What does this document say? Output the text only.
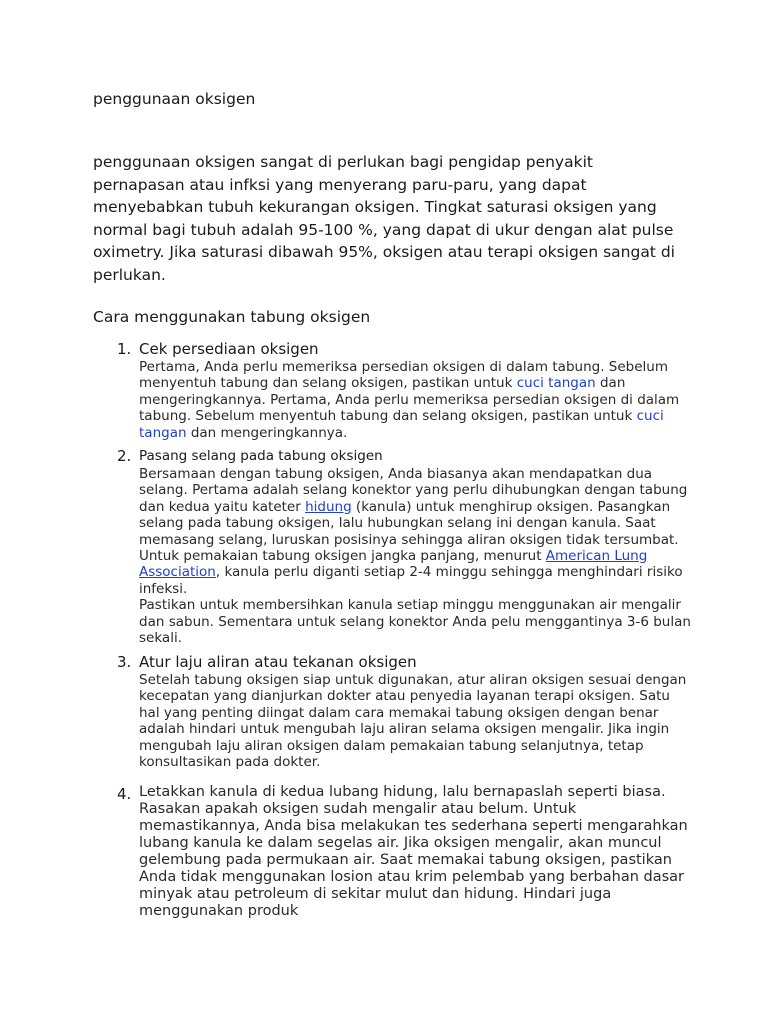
penggunaan oksigen
penggunaan oksigen sangat di perlukan bagi pengidap penyakit pernapasan atau infksi yang menyerang paru-paru, yang dapat menyebabkan tubuh kekurangan oksigen. Tingkat saturasi oksigen yang normal bagi tubuh adalah 95-100 %, yang dapat di ukur dengan alat pulse oximetry. Jika saturasi dibawah 95%, oksigen atau terapi oksigen sangat di perlukan.
Cara menggunakan tabung oksigen
1. Cek persediaan oksigen
Pertama, Anda perlu memeriksa persedian oksigen di dalam tabung. Sebelum menyentuh tabung dan selang oksigen, pastikan untuk cuci tangan dan mengeringkannya. Pertama, Anda perlu memeriksa persedian oksigen di dalam tabung. Sebelum menyentuh tabung dan selang oksigen, pastikan untuk cuci tangan dan mengeringkannya.
2. Pasang selang pada tabung oksigen
Bersamaan dengan tabung oksigen, Anda biasanya akan mendapatkan dua selang. Pertama adalah selang konektor yang perlu dihubungkan dengan tabung dan kedua yaitu kateter hidung (kanula) untuk menghirup oksigen. Pasangkan selang pada tabung oksigen, lalu hubungkan selang ini dengan kanula. Saat memasang selang, luruskan posisinya sehingga aliran oksigen tidak tersumbat. Untuk pemakaian tabung oksigen jangka panjang, menurut American Lung Association, kanula perlu diganti setiap 2-4 minggu sehingga menghindari risiko infeksi.
Pastikan untuk membersihkan kanula setiap minggu menggunakan air mengalir dan sabun. Sementara untuk selang konektor Anda pelu menggantinya 3-6 bulan sekali.
3. Atur laju aliran atau tekanan oksigen
Setelah tabung oksigen siap untuk digunakan, atur aliran oksigen sesuai dengan kecepatan yang dianjurkan dokter atau penyedia layanan terapi oksigen. Satu hal yang penting diingat dalam cara memakai tabung oksigen dengan benar adalah hindari untuk mengubah laju aliran selama oksigen mengalir. Jika ingin mengubah laju aliran oksigen dalam pemakaian tabung selanjutnya, tetap konsultasikan pada dokter.
4. Letakkan kanula di kedua lubang hidung, lalu bernapaslah seperti biasa. Rasakan apakah oksigen sudah mengalir atau belum. Untuk memastikannya, Anda bisa melakukan tes sederhana seperti mengarahkan lubang kanula ke dalam segelas air. Jika oksigen mengalir, akan muncul gelembung pada permukaan air. Saat memakai tabung oksigen, pastikan Anda tidak menggunakan losion atau krim pelembab yang berbahan dasar minyak atau petroleum di sekitar mulut dan hidung. Hindari juga menggunakan produk
